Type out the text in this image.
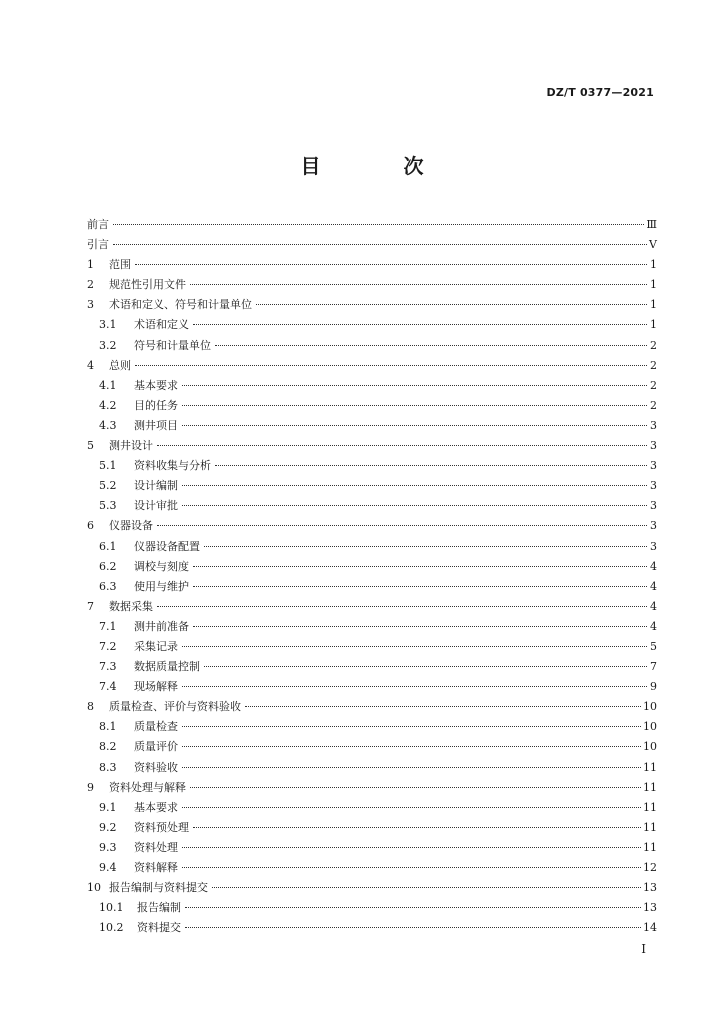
DZ/T 0377—2021
目 次
前言	Ⅲ
引言	Ⅴ
1	范围	1
2	规范性引用文件	1
3	术语和定义、符号和计量单位	1
3.1	术语和定义	1
3.2	符号和计量单位	2
4	总则	2
4.1	基本要求	2
4.2	目的任务	2
4.3	测井项目	3
5	测井设计	3
5.1	资料收集与分析	3
5.2	设计编制	3
5.3	设计审批	3
6	仪器设备	3
6.1	仪器设备配置	3
6.2	调校与刻度	4
6.3	使用与维护	4
7	数据采集	4
7.1	测井前准备	4
7.2	采集记录	5
7.3	数据质量控制	7
7.4	现场解释	9
8	质量检查、评价与资料验收	10
8.1	质量检查	10
8.2	质量评价	10
8.3	资料验收	11
9	资料处理与解释	11
9.1	基本要求	11
9.2	资料预处理	11
9.3	资料处理	11
9.4	资料解释	12
10 报告编制与资料提交	13
10.1	报告编制	13
10.2	资料提交	14
Ⅰ
